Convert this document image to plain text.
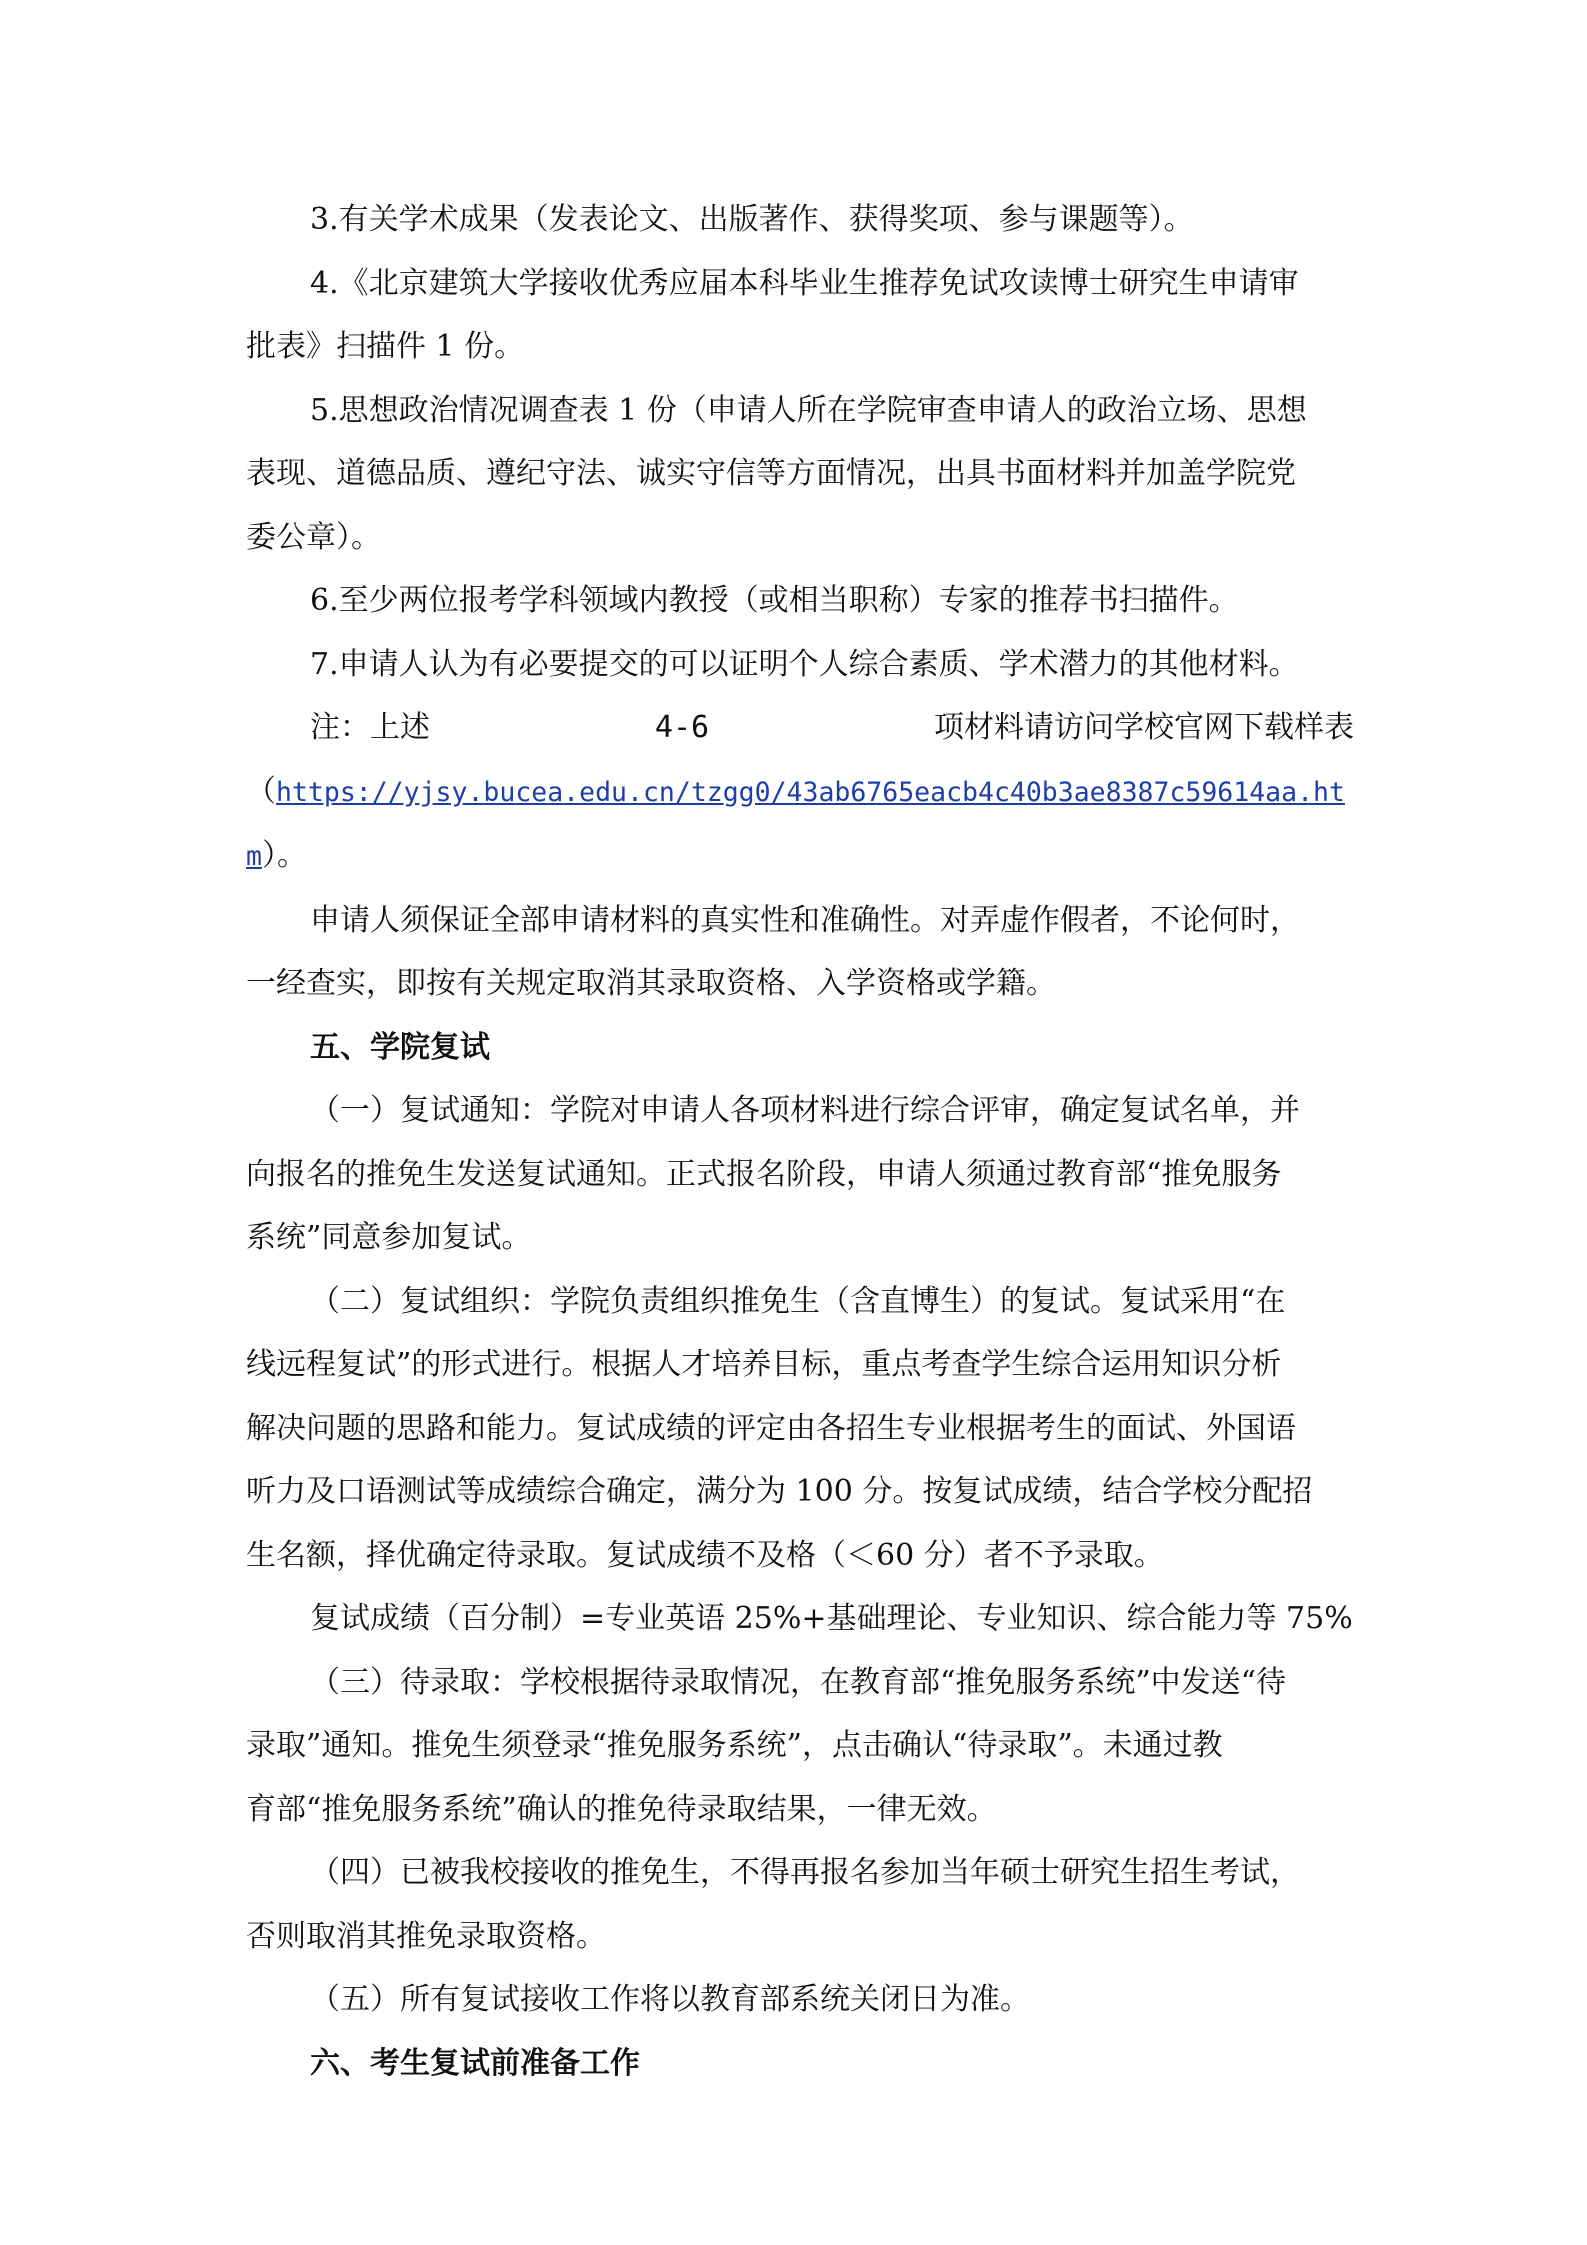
3.有关学术成果（发表论文、出版著作、获得奖项、参与课题等）。

4.《北京建筑大学接收优秀应届本科毕业生推荐免试攻读博士研究生申请审
批表》扫描件 1 份。

5.思想政治情况调查表 1 份（申请人所在学院审查申请人的政治立场、思想
表现、道德品质、遵纪守法、诚实守信等方面情况，出具书面材料并加盖学院党
委公章）。

6.至少两位报考学科领域内教授（或相当职称）专家的推荐书扫描件。

7.申请人认为有必要提交的可以证明个人综合素质、学术潜力的其他材料。

注：上述	4-6	项材料请访问学校官网下载样表

（https://yjsy.bucea.edu.cn/tzgg0/43ab6765eacb4c40b3ae8387c59614aa.ht
m）。

申请人须保证全部申请材料的真实性和准确性。对弄虚作假者，不论何时，
一经查实，即按有关规定取消其录取资格、入学资格或学籍。

五、学院复试

（一）复试通知：学院对申请人各项材料进行综合评审，确定复试名单，并
向报名的推免生发送复试通知。正式报名阶段，申请人须通过教育部“推免服务
系统”同意参加复试。

（二）复试组织：学院负责组织推免生（含直博生）的复试。复试采用“在
线远程复试”的形式进行。根据人才培养目标，重点考查学生综合运用知识分析
解决问题的思路和能力。复试成绩的评定由各招生专业根据考生的面试、外国语
听力及口语测试等成绩综合确定，满分为 100 分。按复试成绩，结合学校分配招
生名额，择优确定待录取。复试成绩不及格（＜60 分）者不予录取。

复试成绩（百分制）=专业英语 25%+基础理论、专业知识、综合能力等 75%

（三）待录取：学校根据待录取情况，在教育部“推免服务系统”中发送“待
录取”通知。推免生须登录“推免服务系统”，点击确认“待录取”。未通过教
育部“推免服务系统”确认的推免待录取结果，一律无效。

（四）已被我校接收的推免生，不得再报名参加当年硕士研究生招生考试，
否则取消其推免录取资格。

（五）所有复试接收工作将以教育部系统关闭日为准。

六、考生复试前准备工作
